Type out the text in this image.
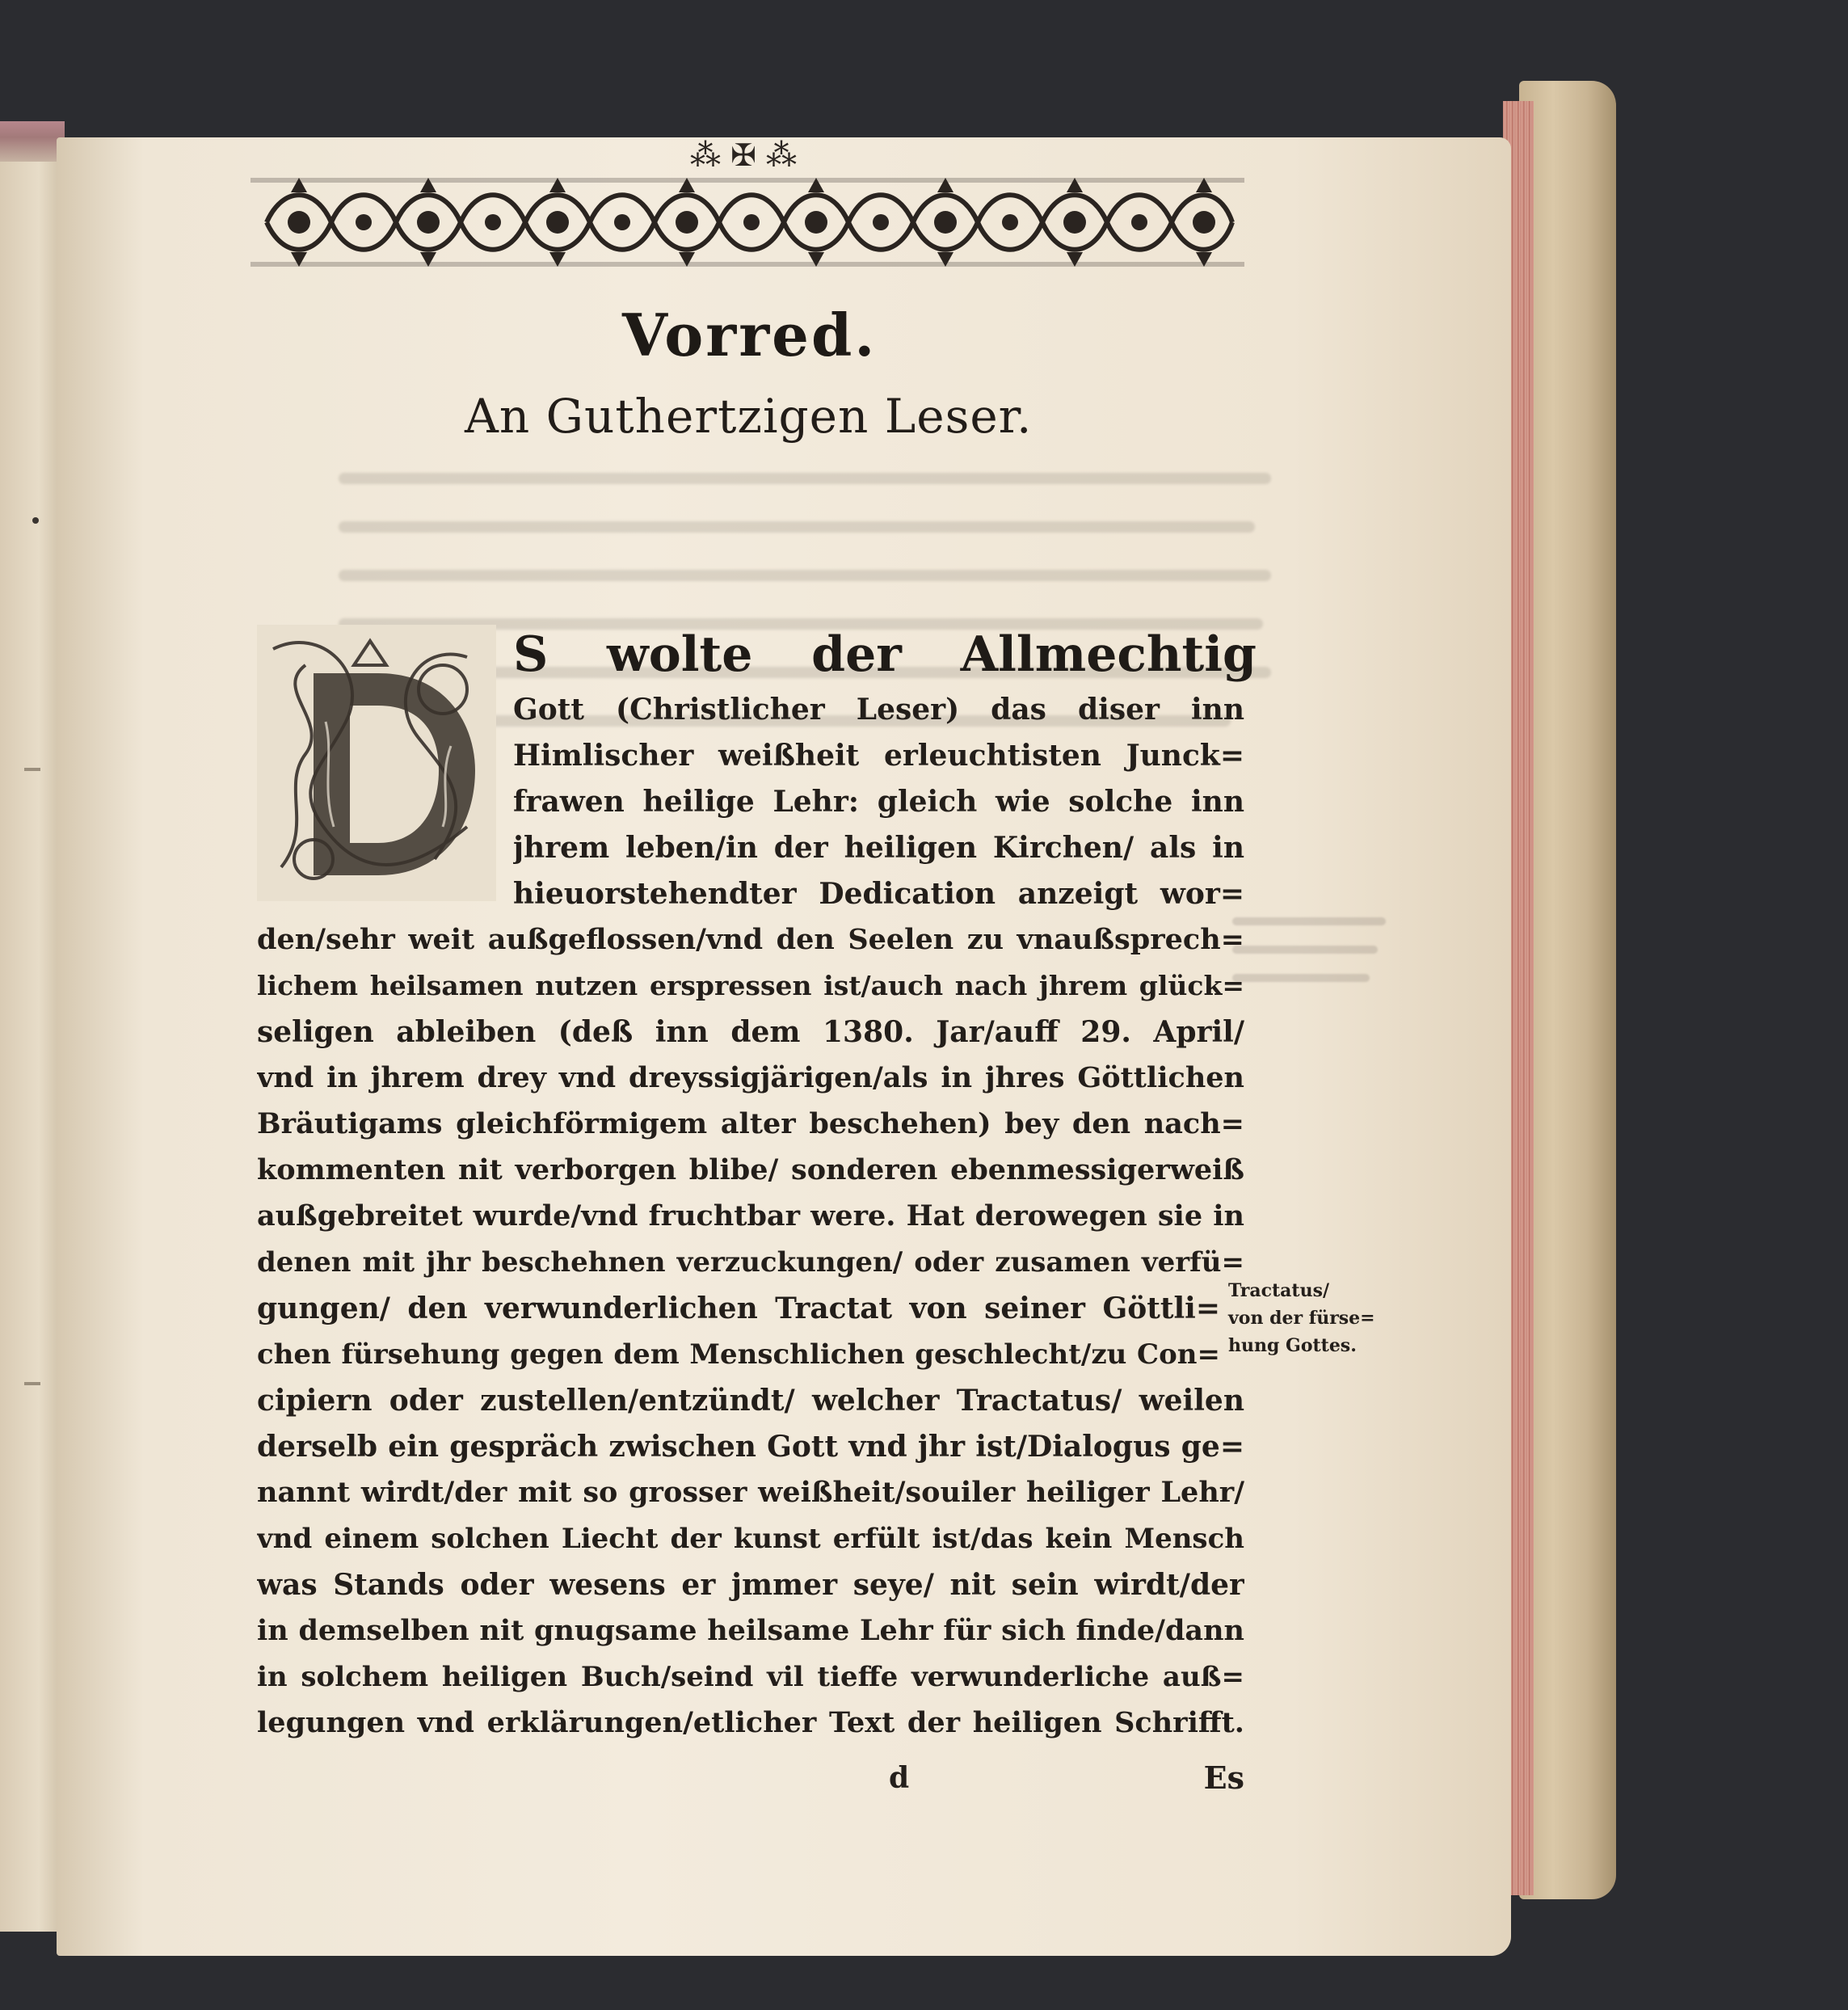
⁂ ✠ ⁂
Vorred.
An Guthertzigen Leser.
S wolte der Allmechtig
Gott (Christlicher Leser) das diser inn
Himlischer weißheit erleuchtisten Junck=
frawen heilige Lehr: gleich wie solche inn
jhrem leben/in der heiligen Kirchen/ als in
hieuorstehendter Dedication anzeigt wor=
den/sehr weit außgeflossen/vnd den Seelen zu vnaußsprech=
lichem heilsamen nutzen erspressen ist/auch nach jhrem glück=
seligen ableiben (deß inn dem 1380. Jar/auff 29. April/
vnd in jhrem drey vnd dreyssigjärigen/als in jhres Göttlichen
Bräutigams gleichförmigem alter beschehen) bey den nach=
kommenten nit verborgen blibe/ sonderen ebenmessigerweiß
außgebreitet wurde/vnd fruchtbar were. Hat derowegen sie in
denen mit jhr beschehnen verzuckungen/ oder zusamen verfü=
gungen/ den verwunderlichen Tractat von seiner Göttli=
chen fürsehung gegen dem Menschlichen geschlecht/zu Con=
cipiern oder zustellen/entzündt/ welcher Tractatus/ weilen
derselb ein gespräch zwischen Gott vnd jhr ist/Dialogus ge=
nannt wirdt/der mit so grosser weißheit/souiler heiliger Lehr/
vnd einem solchen Liecht der kunst erfült ist/das kein Mensch
was Stands oder wesens er jmmer seye/ nit sein wirdt/der
in demselben nit gnugsame heilsame Lehr für sich finde/dann
in solchem heiligen Buch/seind vil tieffe verwunderliche auß=
legungen vnd erklärungen/etlicher Text der heiligen Schrifft.
Tractatus/
von der fürse=
hung Gottes.
d	Es
